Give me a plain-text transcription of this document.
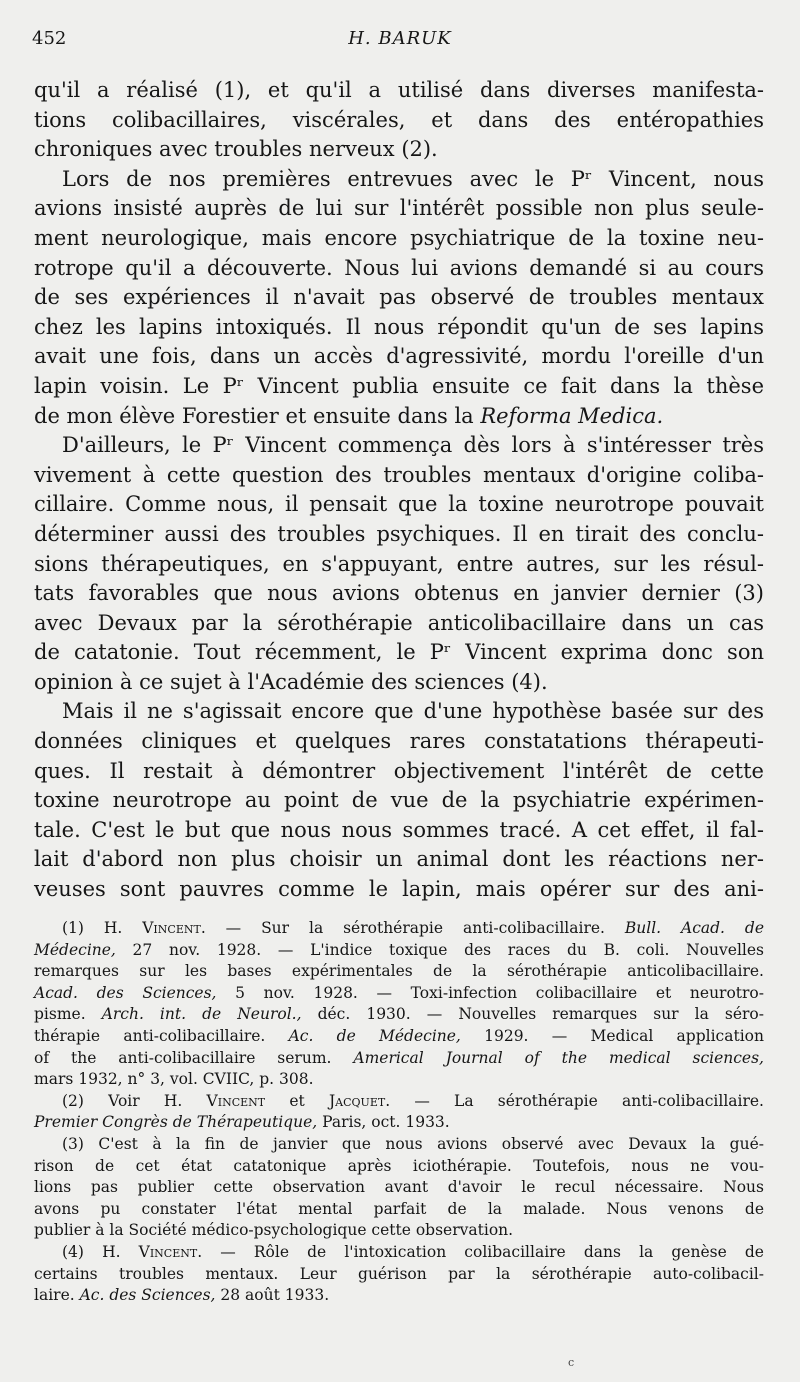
452	H. BARUK

qu'il a réalisé (1), et qu'il a utilisé dans diverses manifesta-
tions colibacillaires, viscérales, et dans des entéropathies

chroniques avec troubles nerveux (2).

Lors de nos premières entrevues avec le Pʳ Vincent, nous
avions insisté auprès de lui sur l'intérêt possible non plus seule-
ment neurologique, mais encore psychiatrique de la toxine neu-
rotrope qu'il a découverte. Nous lui avions demandé si au cours
de ses expériences il n'avait pas observé de troubles mentaux
chez les lapins intoxiqués. Il nous répondit qu'un de ses lapins
avait une fois, dans un accès d'agressivité, mordu l'oreille d'un
lapin voisin. Le Pʳ Vincent publia ensuite ce fait dans la thèse

de mon élève Forestier et ensuite dans la Reforma Medica.

D'ailleurs, le Pʳ Vincent commença dès lors à s'intéresser très
vivement à cette question des troubles mentaux d'origine coliba-
cillaire. Comme nous, il pensait que la toxine neurotrope pouvait
déterminer aussi des troubles psychiques. Il en tirait des conclu-
sions thérapeutiques, en s'appuyant, entre autres, sur les résul-
tats favorables que nous avions obtenus en janvier dernier (3)
avec Devaux par la sérothérapie anticolibacillaire dans un cas
de catatonie. Tout récemment, le Pʳ Vincent exprima donc son

opinion à ce sujet à l'Académie des sciences (4).

Mais il ne s'agissait encore que d'une hypothèse basée sur des
données cliniques et quelques rares constatations thérapeuti-
ques. Il restait à démontrer objectivement l'intérêt de cette
toxine neurotrope au point de vue de la psychiatrie expérimen-
tale. C'est le but que nous nous sommes tracé. A cet effet, il fal-
lait d'abord non plus choisir un animal dont les réactions ner-
veuses sont pauvres comme le lapin, mais opérer sur des ani-

(1) H. Vincent. — Sur la sérothérapie anti-colibacillaire. Bull. Acad. de
Médecine, 27 nov. 1928. — L'indice toxique des races du B. coli. Nouvelles
remarques sur les bases expérimentales de la sérothérapie anticolibacillaire.
Acad. des Sciences, 5 nov. 1928. — Toxi-infection colibacillaire et neurotro-
pisme. Arch. int. de Neurol., déc. 1930. — Nouvelles remarques sur la séro-
thérapie anti-colibacillaire. Ac. de Médecine, 1929. — Medical application
of the anti-colibacillaire serum. Americal Journal of the medical sciences,

mars 1932, n° 3, vol. CVIIC, p. 308.

(2) Voir H. Vincent et Jacquet. — La sérothérapie anti-colibacillaire.

Premier Congrès de Thérapeutique, Paris, oct. 1933.

(3) C'est à la fin de janvier que nous avions observé avec Devaux la gué-
rison de cet état catatonique après iciothérapie. Toutefois, nous ne vou-
lions pas publier cette observation avant d'avoir le recul nécessaire. Nous
avons pu constater l'état mental parfait de la malade. Nous venons de

publier à la Société médico-psychologique cette observation.

(4) H. Vincent. — Rôle de l'intoxication colibacillaire dans la genèse de
certains troubles mentaux. Leur guérison par la sérothérapie auto-colibacil-

laire. Ac. des Sciences, 28 août 1933.

c
